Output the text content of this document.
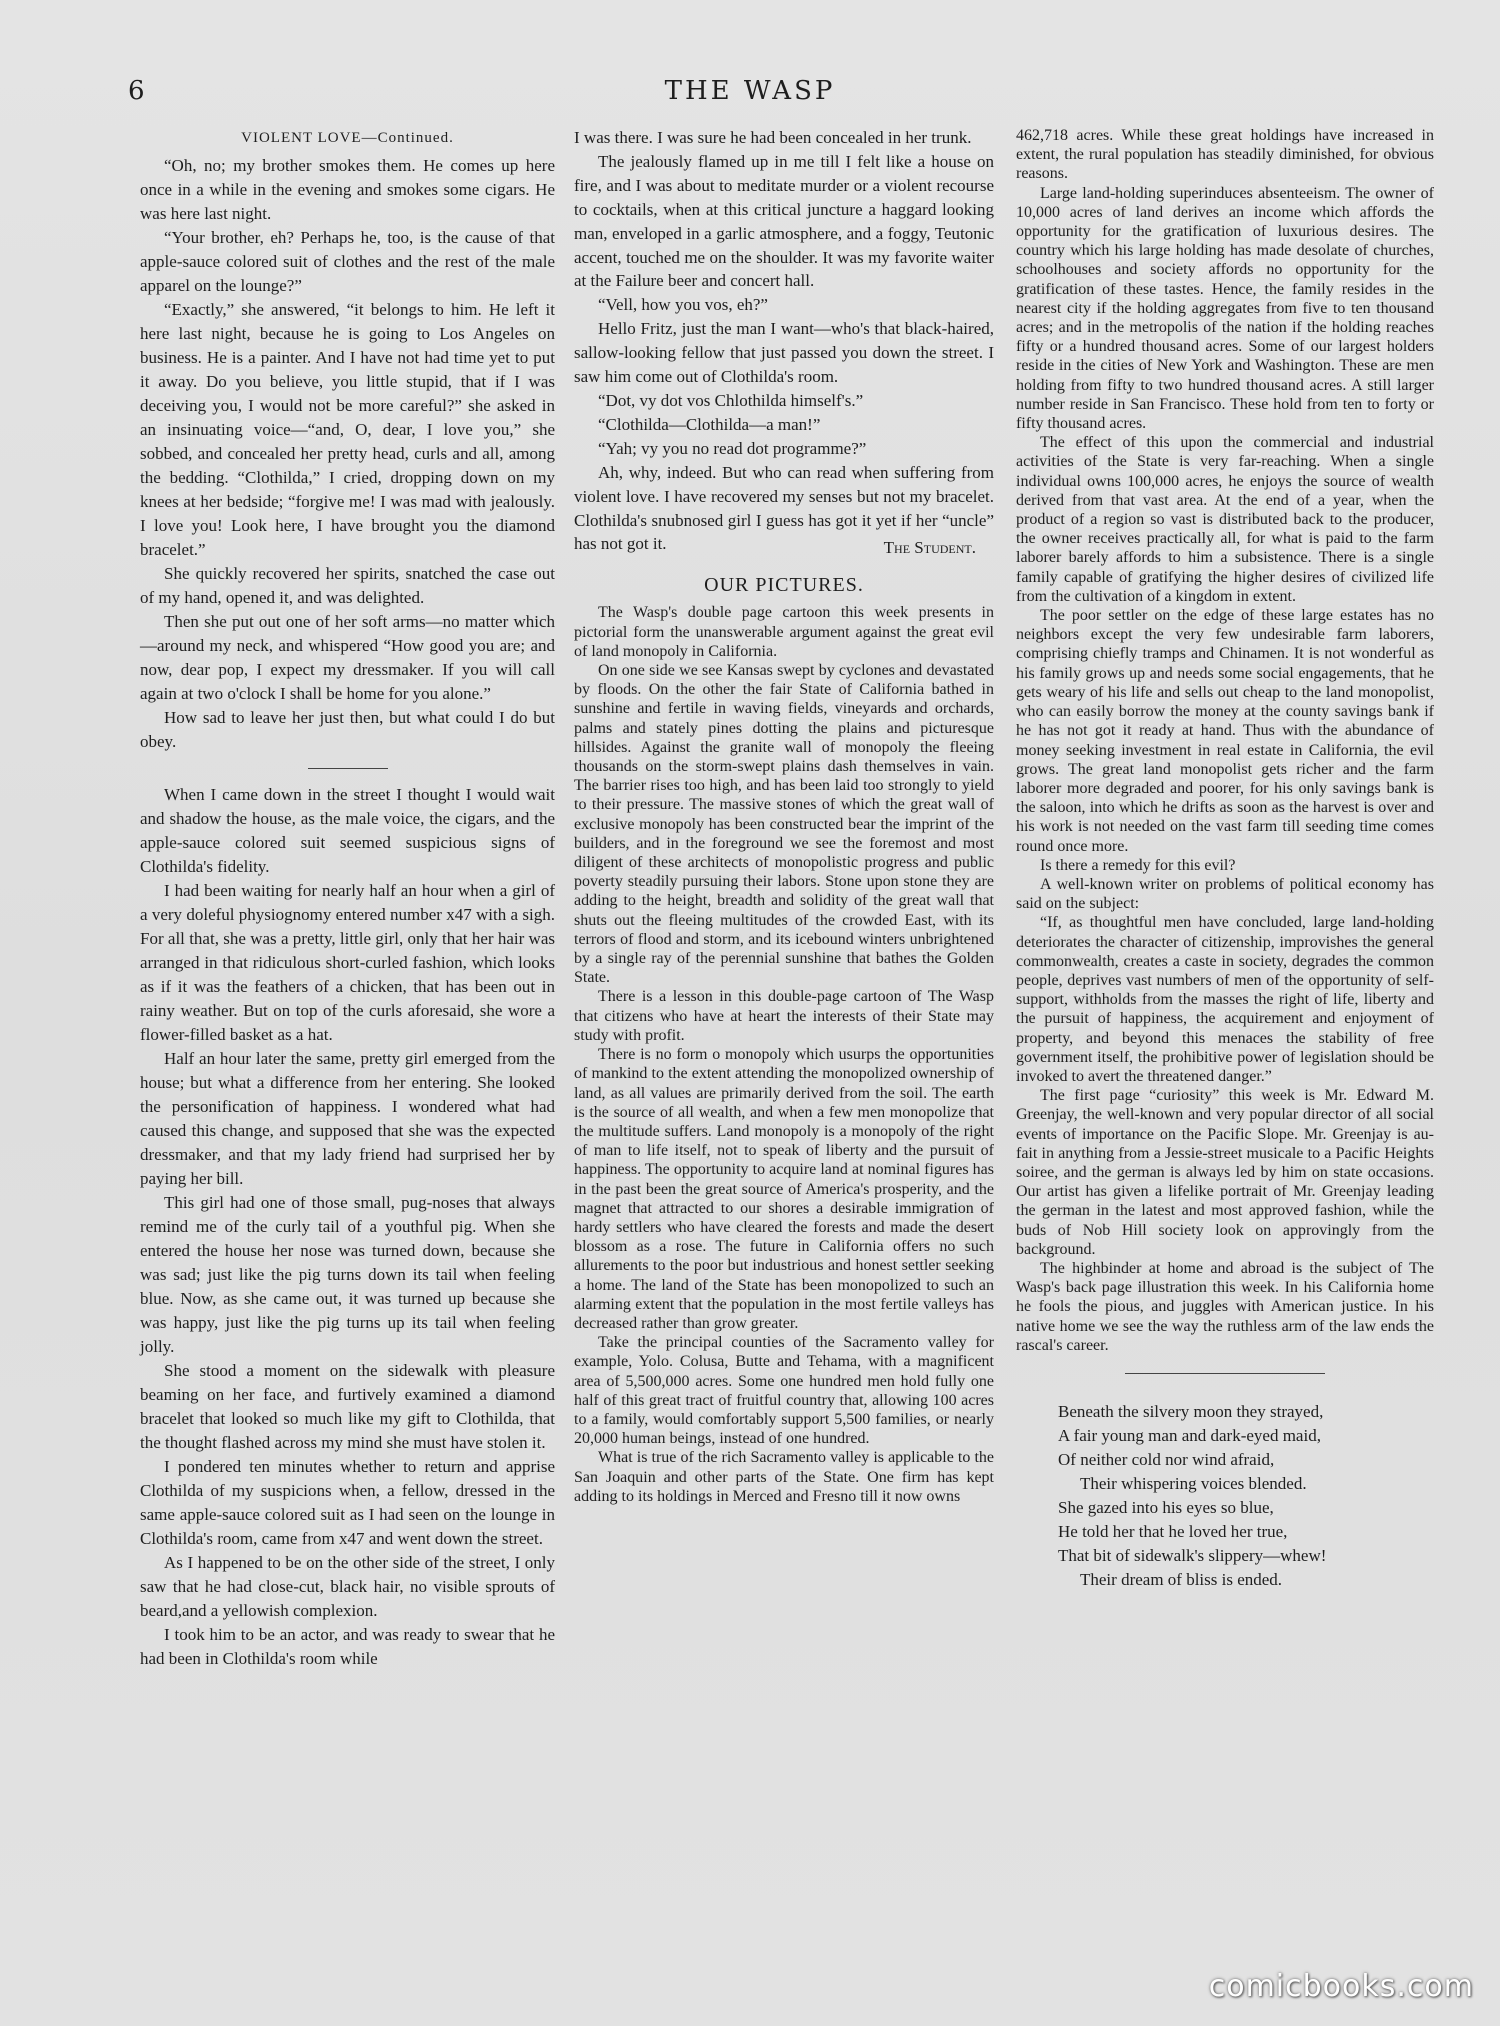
6	THE WASP
VIOLENT LOVE—Continued.

“Oh, no; my brother smokes them. He comes up here once in a while in the evening and smokes some cigars. He was here last night.

“Your brother, eh? Perhaps he, too, is the cause of that apple-sauce colored suit of clothes and the rest of the male apparel on the lounge?”

“Exactly,” she answered, “it belongs to him. He left it here last night, because he is going to Los Angeles on business. He is a painter. And I have not had time yet to put it away. Do you believe, you little stupid, that if I was deceiving you, I would not be more careful?” she asked in an insinuating voice—“and, O, dear, I love you,” she sobbed, and concealed her pretty head, curls and all, among the bedding. “Clothilda,” I cried, dropping down on my knees at her bedside; “forgive me! I was mad with jealously. I love you! Look here, I have brought you the diamond bracelet.”

She quickly recovered her spirits, snatched the case out of my hand, opened it, and was delighted.

Then she put out one of her soft arms—no matter which—around my neck, and whispered “How good you are; and now, dear pop, I expect my dressmaker. If you will call again at two o'clock I shall be home for you alone.”

How sad to leave her just then, but what could I do but obey.

When I came down in the street I thought I would wait and shadow the house, as the male voice, the cigars, and the apple-sauce colored suit seemed suspicious signs of Clothilda's fidelity.

I had been waiting for nearly half an hour when a girl of a very doleful physiognomy entered number x47 with a sigh. For all that, she was a pretty, little girl, only that her hair was arranged in that ridiculous short-curled fashion, which looks as if it was the feathers of a chicken, that has been out in rainy weather. But on top of the curls aforesaid, she wore a flower-filled basket as a hat.

Half an hour later the same, pretty girl emerged from the house; but what a difference from her entering. She looked the personification of happiness. I wondered what had caused this change, and supposed that she was the expected dressmaker, and that my lady friend had surprised her by paying her bill.

This girl had one of those small, pug-noses that always remind me of the curly tail of a youthful pig. When she entered the house her nose was turned down, because she was sad; just like the pig turns down its tail when feeling blue. Now, as she came out, it was turned up because she was happy, just like the pig turns up its tail when feeling jolly.

She stood a moment on the sidewalk with pleasure beaming on her face, and furtively examined a diamond bracelet that looked so much like my gift to Clothilda, that the thought flashed across my mind she must have stolen it.

I pondered ten minutes whether to return and apprise Clothilda of my suspicions when, a fellow, dressed in the same apple-sauce colored suit as I had seen on the lounge in Clothilda's room, came from x47 and went down the street.

As I happened to be on the other side of the street, I only saw that he had close-cut, black hair, no visible sprouts of beard,and a yellowish complexion.

I took him to be an actor, and was ready to swear that he had been in Clothilda's room while

I was there. I was sure he had been concealed in her trunk.

The jealously flamed up in me till I felt like a house on fire, and I was about to meditate murder or a violent recourse to cocktails, when at this critical juncture a haggard looking man, enveloped in a garlic atmosphere, and a foggy, Teutonic accent, touched me on the shoulder. It was my favorite waiter at the Failure beer and concert hall.

“Vell, how you vos, eh?”

Hello Fritz, just the man I want—who's that black-haired, sallow-looking fellow that just passed you down the street. I saw him come out of Clothilda's room.

“Dot, vy dot vos Chlothilda himself's.”

“Clothilda—Clothilda—a man!”

“Yah; vy you no read dot programme?”

Ah, why, indeed. But who can read when suffering from violent love. I have recovered my senses but not my bracelet. Clothilda's snubnosed girl I guess has got it yet if her “uncle” has not got it.	The Student.
OUR PICTURES.

The Wasp's double page cartoon this week presents in pictorial form the unanswerable argument against the great evil of land monopoly in California.

On one side we see Kansas swept by cyclones and devastated by floods. On the other the fair State of California bathed in sunshine and fertile in waving fields, vineyards and orchards, palms and stately pines dotting the plains and picturesque hillsides. Against the granite wall of monopoly the fleeing thousands on the storm-swept plains dash themselves in vain. The barrier rises too high, and has been laid too strongly to yield to their pressure. The massive stones of which the great wall of exclusive monopoly has been constructed bear the imprint of the builders, and in the foreground we see the foremost and most diligent of these architects of monopolistic progress and public poverty steadily pursuing their labors. Stone upon stone they are adding to the height, breadth and solidity of the great wall that shuts out the fleeing multitudes of the crowded East, with its terrors of flood and storm, and its icebound winters unbrightened by a single ray of the perennial sunshine that bathes the Golden State.

There is a lesson in this double-page cartoon of The Wasp that citizens who have at heart the interests of their State may study with profit.

There is no form o monopoly which usurps the opportunities of mankind to the extent attending the monopolized ownership of land, as all values are primarily derived from the soil. The earth is the source of all wealth, and when a few men monopolize that the multitude suffers. Land monopoly is a monopoly of the right of man to life itself, not to speak of liberty and the pursuit of happiness. The opportunity to acquire land at nominal figures has in the past been the great source of America's prosperity, and the magnet that attracted to our shores a desirable immigration of hardy settlers who have cleared the forests and made the desert blossom as a rose. The future in California offers no such allurements to the poor but industrious and honest settler seeking a home. The land of the State has been monopolized to such an alarming extent that the population in the most fertile valleys has decreased rather than grow greater.

Take the principal counties of the Sacramento valley for example, Yolo. Colusa, Butte and Tehama, with a magnificent area of 5,500,000 acres. Some one hundred men hold fully one half of this great tract of fruitful country that, allowing 100 acres to a family, would comfortably support 5,500 families, or nearly 20,000 human beings, instead of one hundred.

What is true of the rich Sacramento valley is applicable to the San Joaquin and other parts of the State. One firm has kept adding to its holdings in Merced and Fresno till it now owns

462,718 acres. While these great holdings have increased in extent, the rural population has steadily diminished, for obvious reasons.

Large land-holding superinduces absenteeism. The owner of 10,000 acres of land derives an income which affords the opportunity for the gratification of luxurious desires. The country which his large holding has made desolate of churches, schoolhouses and society affords no opportunity for the gratification of these tastes. Hence, the family resides in the nearest city if the holding aggregates from five to ten thousand acres; and in the metropolis of the nation if the holding reaches fifty or a hundred thousand acres. Some of our largest holders reside in the cities of New York and Washington. These are men holding from fifty to two hundred thousand acres. A still larger number reside in San Francisco. These hold from ten to forty or fifty thousand acres.

The effect of this upon the commercial and industrial activities of the State is very far-reaching. When a single individual owns 100,000 acres, he enjoys the source of wealth derived from that vast area. At the end of a year, when the product of a region so vast is distributed back to the producer, the owner receives practically all, for what is paid to the farm laborer barely affords to him a subsistence. There is a single family capable of gratifying the higher desires of civilized life from the cultivation of a kingdom in extent.

The poor settler on the edge of these large estates has no neighbors except the very few undesirable farm laborers, comprising chiefly tramps and Chinamen. It is not wonderful as his family grows up and needs some social engagements, that he gets weary of his life and sells out cheap to the land monopolist, who can easily borrow the money at the county savings bank if he has not got it ready at hand. Thus with the abundance of money seeking investment in real estate in California, the evil grows. The great land monopolist gets richer and the farm laborer more degraded and poorer, for his only savings bank is the saloon, into which he drifts as soon as the harvest is over and his work is not needed on the vast farm till seeding time comes round once more.

Is there a remedy for this evil?

A well-known writer on problems of political economy has said on the subject:

“If, as thoughtful men have concluded, large land-holding deteriorates the character of citizenship, improvishes the general commonwealth, creates a caste in society, degrades the common people, deprives vast numbers of men of the opportunity of self-support, withholds from the masses the right of life, liberty and the pursuit of happiness, the acquirement and enjoyment of property, and beyond this menaces the stability of free government itself, the prohibitive power of legislation should be invoked to avert the threatened danger.”

The first page “curiosity” this week is Mr. Edward M. Greenjay, the well-known and very popular director of all social events of importance on the Pacific Slope. Mr. Greenjay is au-fait in anything from a Jessie-street musicale to a Pacific Heights soiree, and the german is always led by him on state occasions. Our artist has given a lifelike portrait of Mr. Greenjay leading the german in the latest and most approved fashion, while the buds of Nob Hill society look on approvingly from the background.

The highbinder at home and abroad is the subject of The Wasp's back page illustration this week. In his California home he fools the pious, and juggles with American justice. In his native home we see the way the ruthless arm of the law ends the rascal's career.

Beneath the silvery moon they strayed,
A fair young man and dark-eyed maid,
Of neither cold nor wind afraid,
Their whispering voices blended.
She gazed into his eyes so blue,
He told her that he loved her true,
That bit of sidewalk's slippery—whew!
Their dream of bliss is ended.
comicbooks.com
